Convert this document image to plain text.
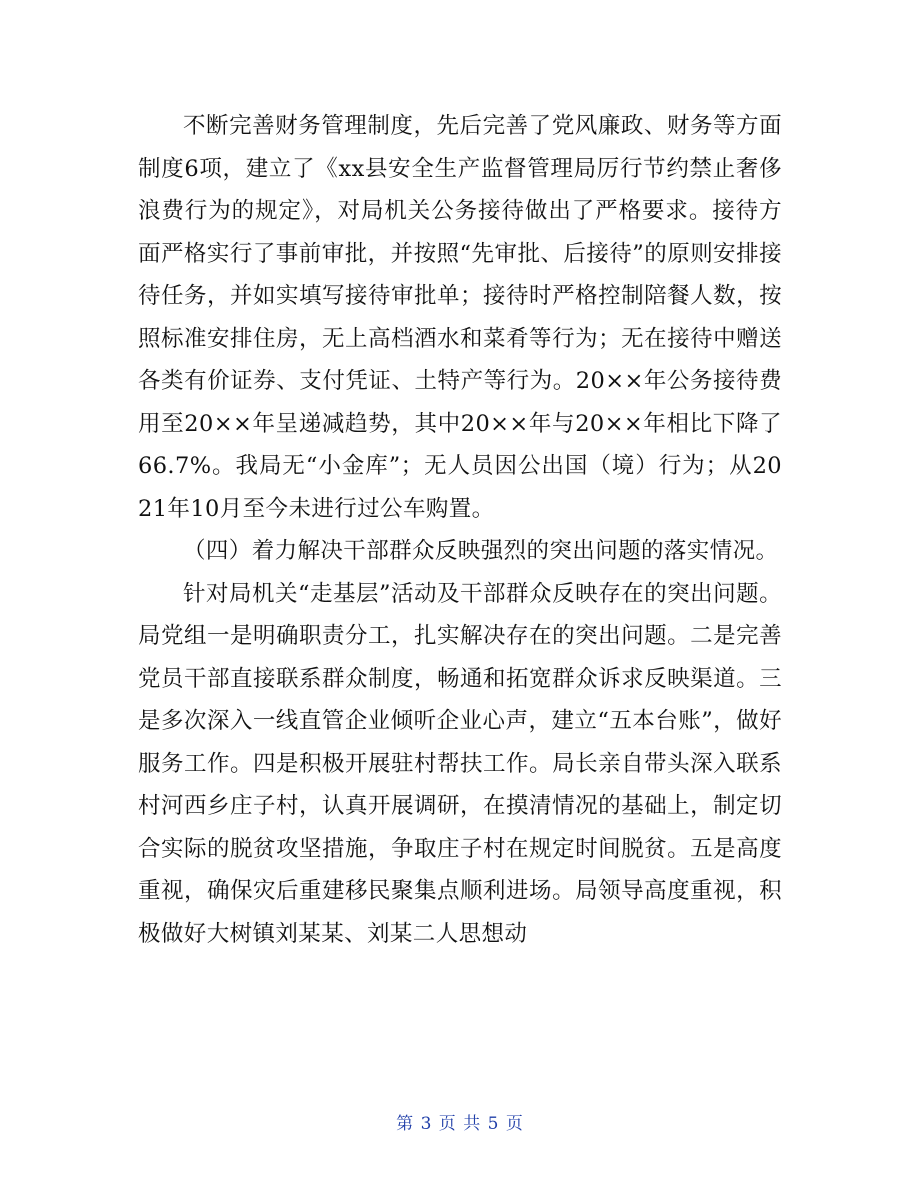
不断完善财务管理制度，先后完善了党风廉政、财务等方面制度6项，建立了《xx县安全生产监督管理局厉行节约禁止奢侈浪费行为的规定》，对局机关公务接待做出了严格要求。接待方面严格实行了事前审批，并按照“先审批、后接待”的原则安排接待任务，并如实填写接待审批单；接待时严格控制陪餐人数，按照标准安排住房，无上高档酒水和菜肴等行为；无在接待中赠送各类有价证券、支付凭证、土特产等行为。20××年公务接待费用至20××年呈递减趋势，其中20××年与20××年相比下降了66.7%。我局无“小金库”；无人员因公出国（境）行为；从2021年10月至今未进行过公车购置。

（四）着力解决干部群众反映强烈的突出问题的落实情况。

针对局机关“走基层”活动及干部群众反映存在的突出问题。局党组一是明确职责分工，扎实解决存在的突出问题。二是完善党员干部直接联系群众制度，畅通和拓宽群众诉求反映渠道。三是多次深入一线直管企业倾听企业心声，建立“五本台账”，做好服务工作。四是积极开展驻村帮扶工作。局长亲自带头深入联系村河西乡庄子村，认真开展调研，在摸清情况的基础上，制定切合实际的脱贫攻坚措施，争取庄子村在规定时间脱贫。五是高度重视，确保灾后重建移民聚集点顺利进场。局领导高度重视，积极做好大树镇刘某某、刘某二人思想动

第 3 页 共 5 页
